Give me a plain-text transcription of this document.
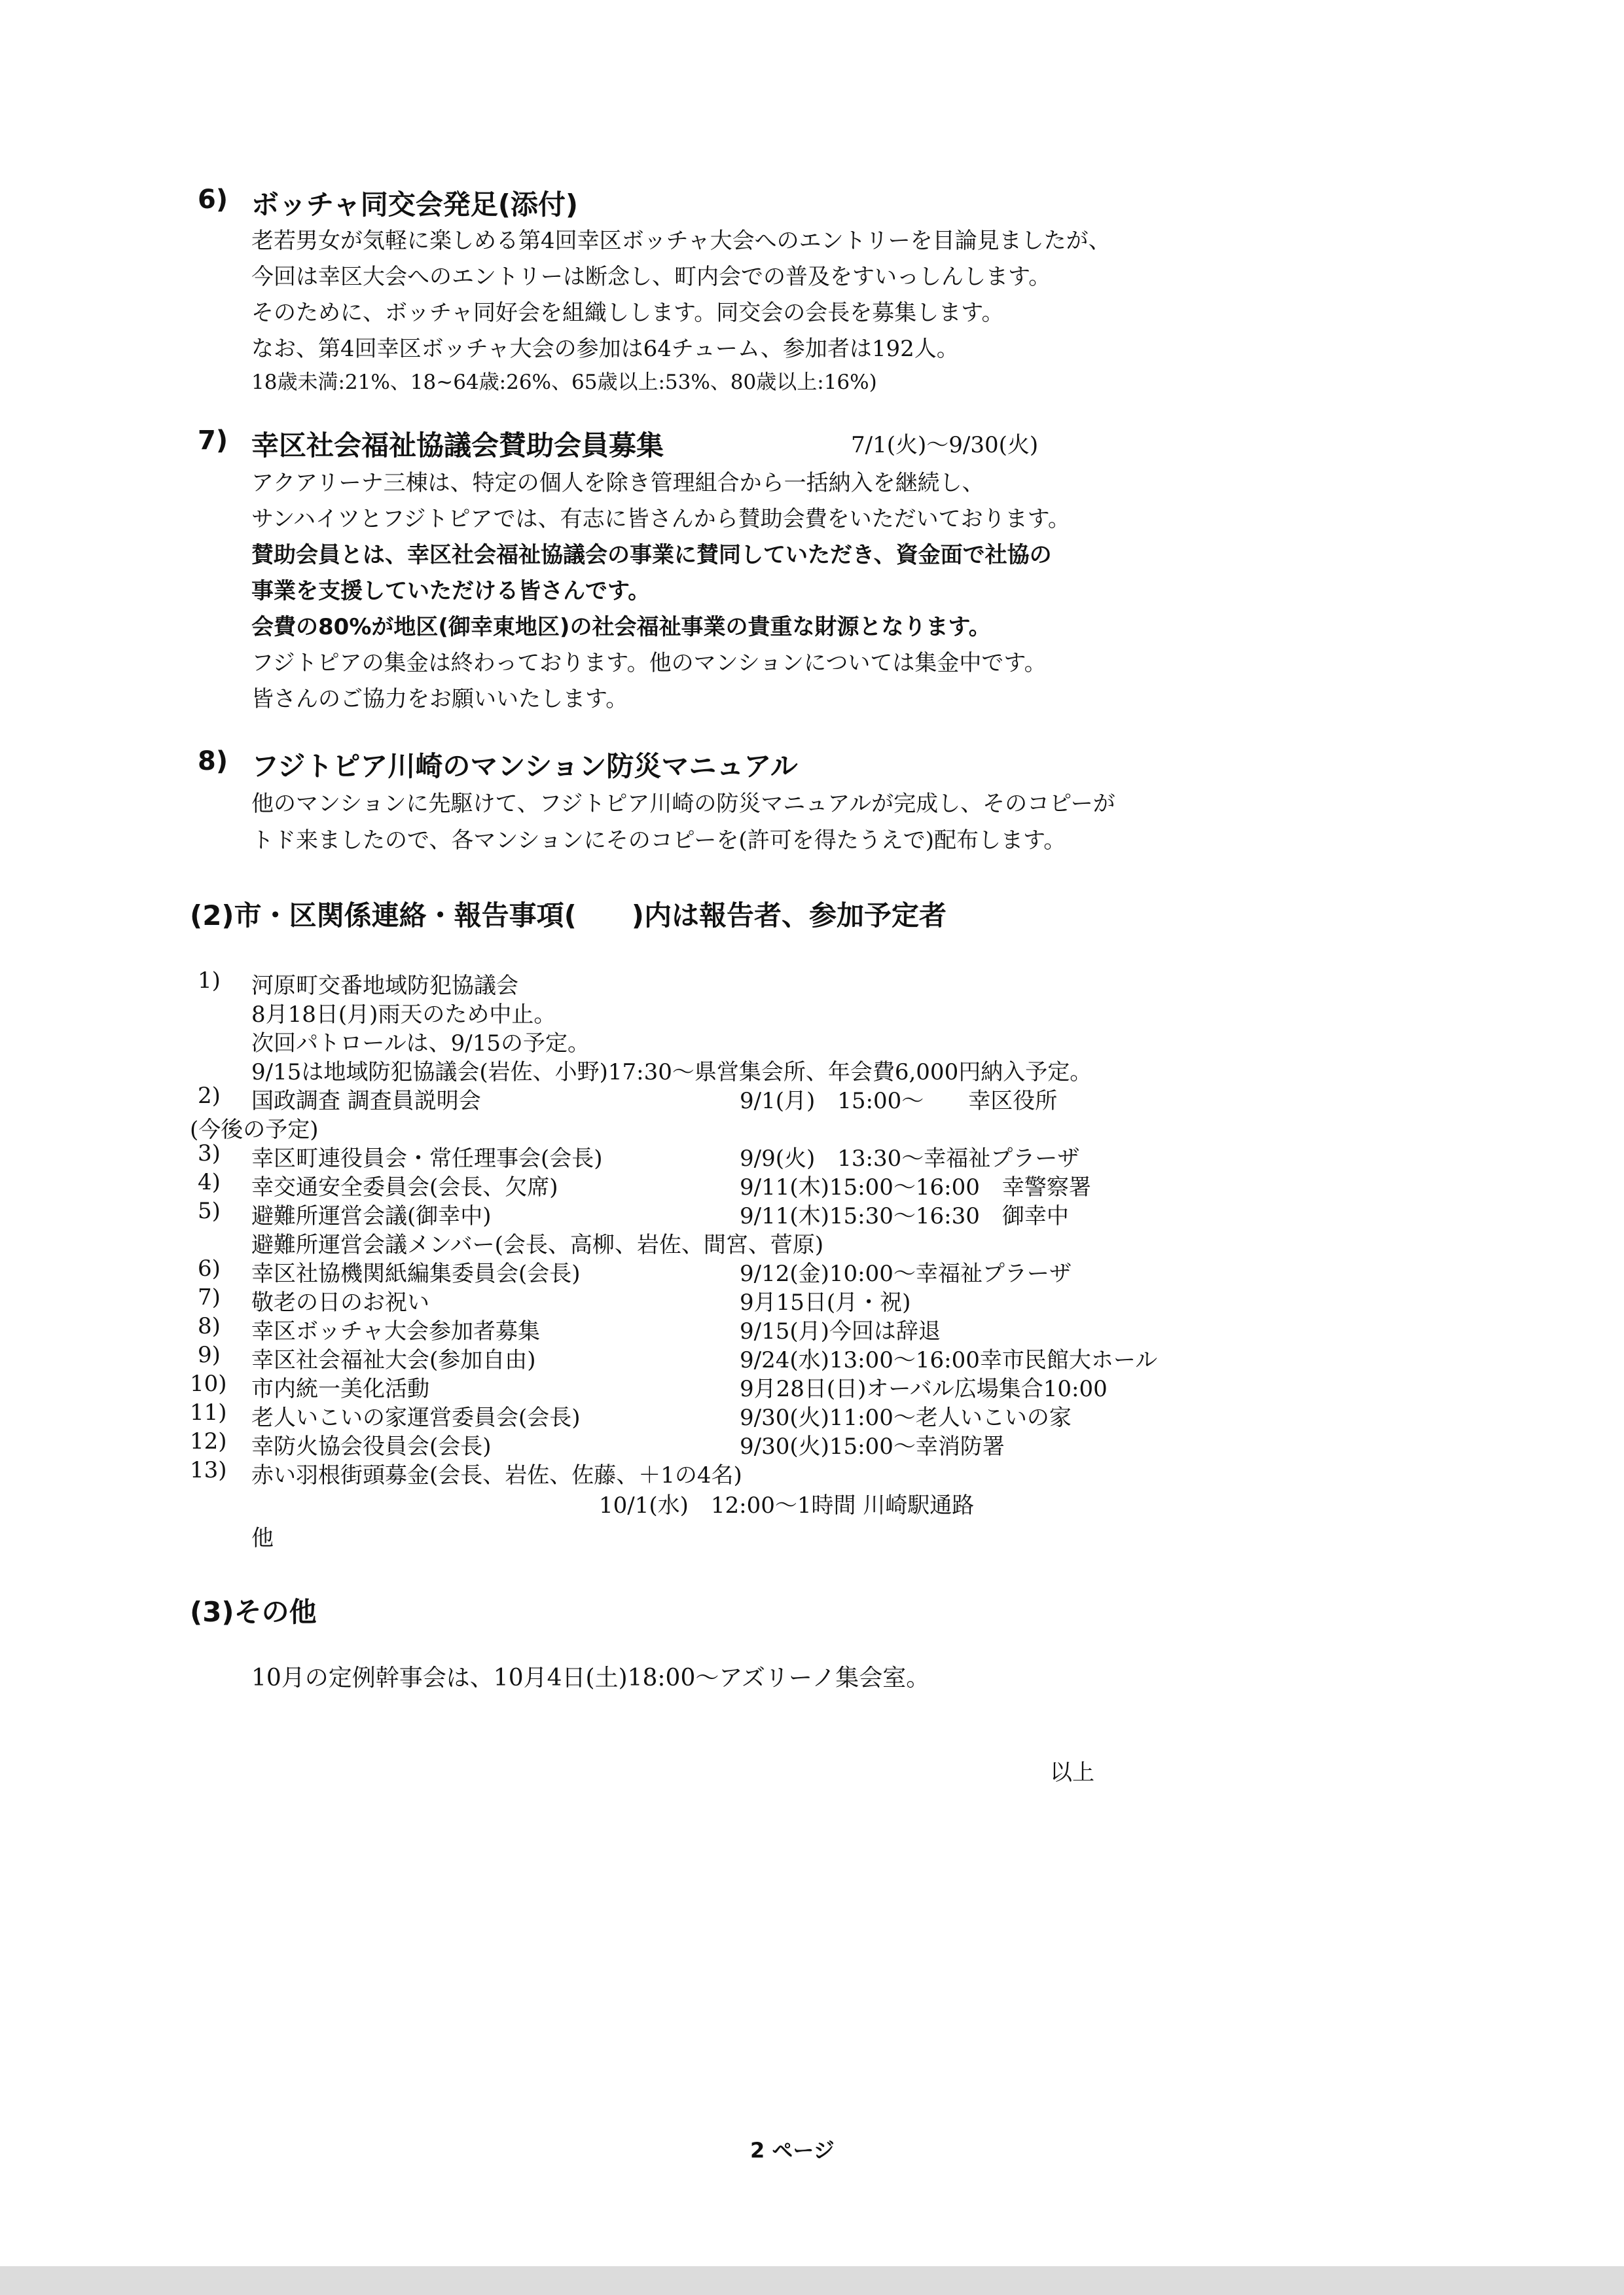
6) ボッチャ同交会発足(添付)
老若男女が気軽に楽しめる第4回幸区ボッチャ大会へのエントリーを目論見ましたが、
今回は幸区大会へのエントリーは断念し、町内会での普及をすいっしんします。
そのために、ボッチャ同好会を組織しします。同交会の会長を募集します。
なお、第4回幸区ボッチャ大会の参加は64チューム、参加者は192人。
18歳未満:21%、18~64歳:26%、65歳以上:53%、80歳以上:16%)
7) 幸区社会福祉協議会賛助会員募集	7/1(火)～9/30(火)
アクアリーナ三棟は、特定の個人を除き管理組合から一括納入を継続し、
サンハイツとフジトピアでは、有志に皆さんから賛助会費をいただいております。
賛助会員とは、幸区社会福祉協議会の事業に賛同していただき、資金面で社協の
事業を支援していただける皆さんです。
会費の80%が地区(御幸東地区)の社会福祉事業の貴重な財源となります。
フジトピアの集金は終わっております。他のマンションについては集金中です。
皆さんのご協力をお願いいたします。
8) フジトピア川崎のマンション防災マニュアル
他のマンションに先駆けて、フジトピア川崎の防災マニュアルが完成し、そのコピーが
トド来ましたので、各マンションにそのコピーを(許可を得たうえで)配布します。
(2)市・区関係連絡・報告事項(　　)内は報告者、参加予定者
1) 河原町交番地域防犯協議会
8月18日(月)雨天のため中止。
次回パトロールは、9/15の予定。
9/15は地域防犯協議会(岩佐、小野)17:30～県営集会所、年会費6,000円納入予定。
2) 国政調査 調査員説明会	9/1(月)　15:00～　　幸区役所
(今後の予定)
3) 幸区町連役員会・常任理事会(会長)	9/9(火)　13:30～幸福祉プラーザ
4) 幸交通安全委員会(会長、欠席)	9/11(木)15:00～16:00　幸警察署
5) 避難所運営会議(御幸中)	9/11(木)15:30～16:30　御幸中
避難所運営会議メンバー(会長、高柳、岩佐、間宮、菅原)
6) 幸区社協機関紙編集委員会(会長)	9/12(金)10:00～幸福祉プラーザ
7) 敬老の日のお祝い	9月15日(月・祝)
8) 幸区ボッチャ大会参加者募集	9/15(月)今回は辞退
9) 幸区社会福祉大会(参加自由)	9/24(水)13:00～16:00幸市民館大ホール
10) 市内統一美化活動	9月28日(日)オーバル広場集合10:00
11) 老人いこいの家運営委員会(会長)	9/30(火)11:00～老人いこいの家
12) 幸防火協会役員会(会長)	9/30(火)15:00～幸消防署
13) 赤い羽根街頭募金(会長、岩佐、佐藤、＋1の4名)
10/1(水)　12:00～1時間 川崎駅通路
他
(3)その他
10月の定例幹事会は、10月4日(土)18:00～アズリーノ集会室。
以上
2 ページ
